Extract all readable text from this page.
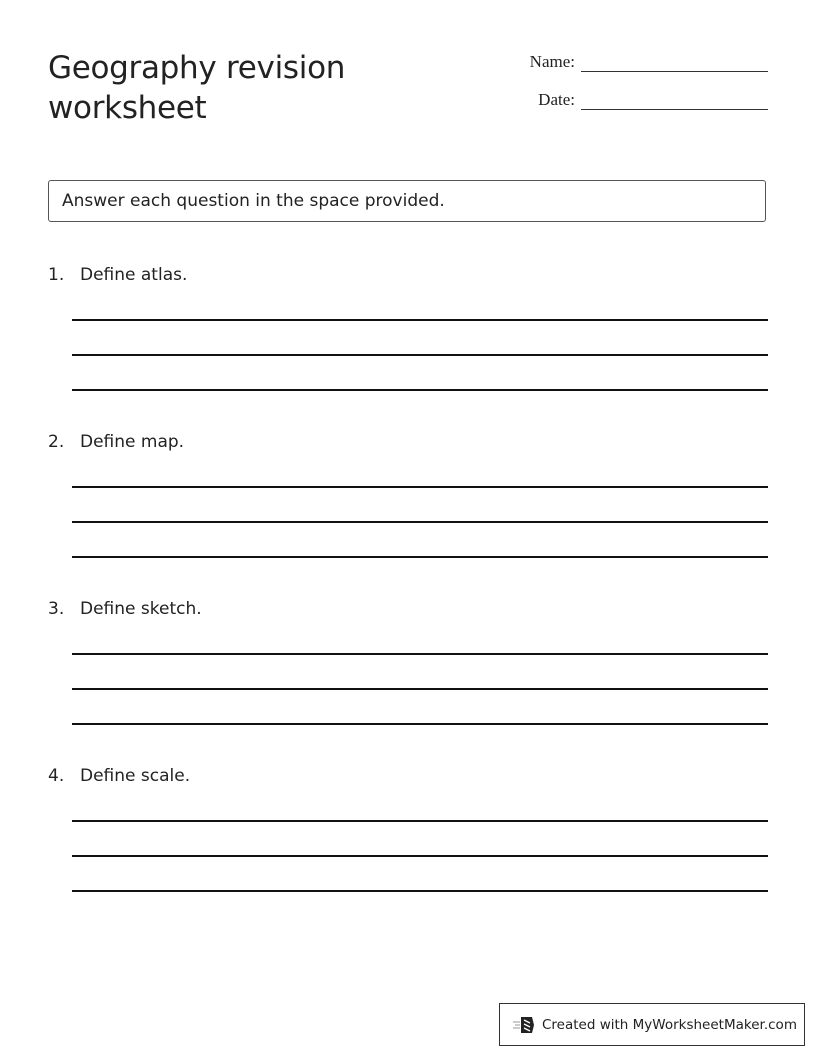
Geography revision worksheet
Name:
Date:
Answer each question in the space provided.
1. Define atlas.
2. Define map.
3. Define sketch.
4. Define scale.
Created with MyWorksheetMaker.com
